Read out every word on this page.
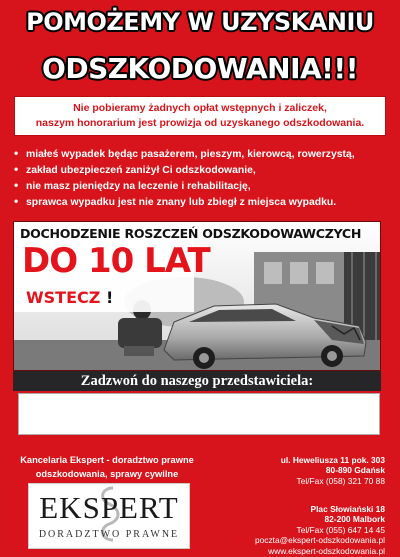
POMOŻEMY W UZYSKANIU
ODSZKODOWANIA!!!
Nie pobieramy żadnych opłat wstępnych i zaliczek,
naszym honorarium jest prowizja od uzyskanego odszkodowania.
• miałeś wypadek będąc pasażerem, pieszym, kierowcą, rowerzystą,
• zakład ubezpieczeń zaniżył Ci odszkodowanie,
• nie masz pieniędzy na leczenie i rehabilitację,
• sprawca wypadku jest nie znany lub zbiegł z miejsca wypadku.
DOCHODZENIE ROSZCZEŃ ODSZKODOWAWCZYCH
DO 10 LAT
WSTECZ !
Zadzwoń do naszego przedstawiciela:
Kancelaria Ekspert - doradztwo prawne
odszkodowania, sprawy cywilne
ul. Heweliusza 11 pok. 303
80-890 Gdańsk
Tel/Fax (058) 321 70 88
Plac Słowiański 18
82-200 Malbork
Tel/Fax (055) 647 14 45
poczta@ekspert-odszkodowania.pl
www.ekspert-odszkodowania.pl
EKSPERT
DORADZTWO PRAWNE
